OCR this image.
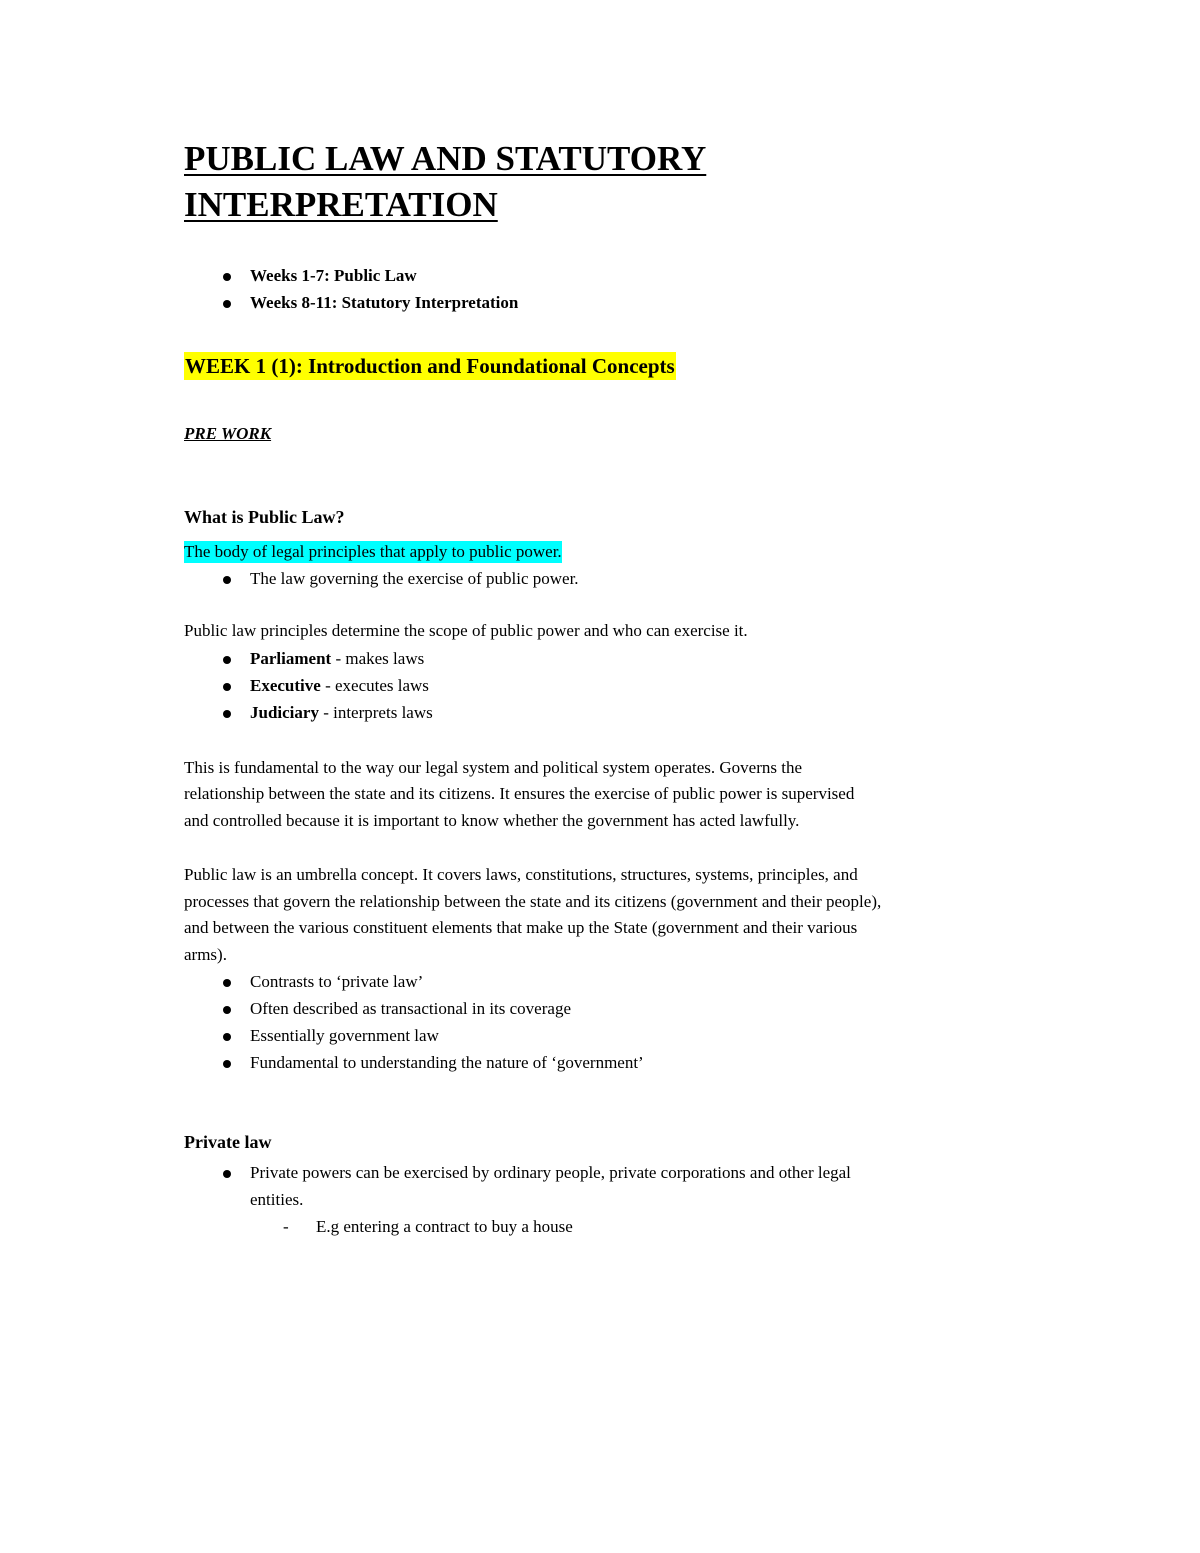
PUBLIC LAW AND STATUTORY
INTERPRETATION
Weeks 1-7: Public Law
Weeks 8-11: Statutory Interpretation
WEEK 1 (1): Introduction and Foundational Concepts
PRE WORK
What is Public Law?
The body of legal principles that apply to public power.
The law governing the exercise of public power.
Public law principles determine the scope of public power and who can exercise it.
Parliament - makes laws
Executive - executes laws
Judiciary - interprets laws
This is fundamental to the way our legal system and political system operates. Governs the
relationship between the state and its citizens. It ensures the exercise of public power is supervised
and controlled because it is important to know whether the government has acted lawfully.
Public law is an umbrella concept. It covers laws, constitutions, structures, systems, principles, and
processes that govern the relationship between the state and its citizens (government and their people),
and between the various constituent elements that make up the State (government and their various
arms).
Contrasts to ‘private law’
Often described as transactional in its coverage
Essentially government law
Fundamental to understanding the nature of ‘government’
Private law
Private powers can be exercised by ordinary people, private corporations and other legal
entities.
- E.g entering a contract to buy a house
